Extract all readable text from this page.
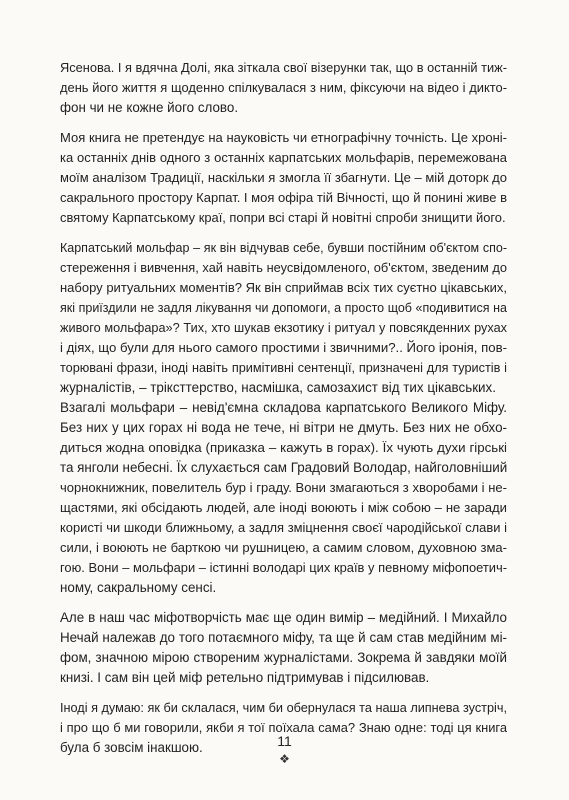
Ясенова. І я вдячна Долі, яка зіткала свої візерунки так, що в останній тиж-
день його життя я щоденно спілкувалася з ним, фіксуючи на відео і дикто-
фон чи не кожне його слово.

Моя книга не претендує на науковість чи етнографічну точність. Це хроні-
ка останніх днів одного з останніх карпатських мольфарів, перемежована
моїм аналізом Традиції, наскільки я змогла її збагнути. Це – мій доторк до
сакрального простору Карпат. І моя офіра тій Вічності, що й понині живе в
святому Карпатському краї, попри всі старі й новітні спроби знищити його.

Карпатський мольфар – як він відчував себе, бувши постійним об'єктом спо-
стереження і вивчення, хай навіть неусвідомленого, об'єктом, зведеним до
набору ритуальних моментів? Як він сприймав всіх тих суєтно цікавських,
які приїздили не задля лікування чи допомоги, а просто щоб «подивитися на
живого мольфара»? Тих, хто шукав екзотику і ритуал у повсякденних рухах
і діях, що були для нього самого простими і звичними?.. Його іронія, пов-
торювані фрази, іноді навіть примітивні сентенції, призначені для туристів і
журналістів, – тріксттерство, насмішка, самозахист від тих цікавських.
Взагалі мольфари – невід'ємна складова карпатського Великого Міфу.
Без них у цих горах ні вода не тече, ні вітри не дмуть. Без них не обхо-
диться жодна оповідка (приказка – кажуть в горах). Їх чують духи гірські
та янголи небесні. Їх слухається сам Градовий Володар, найголовніший
чорнокнижник, повелитель бур і граду. Вони змагаються з хворобами і не-
щастями, які обсідають людей, але іноді воюють і між собою – не заради
користі чи шкоди ближньому, а задля зміцнення своєї чародійської слави і
сили, і воюють не барткою чи рушницею, а самим словом, духовною зма-
гою. Вони – мольфари – істинні володарі цих країв у певному міфопоетич-
ному, сакральному сенсі.

Але в наш час міфотворчість має ще один вимір – медійний. І Михайло
Нечай належав до того потаємного міфу, та ще й сам став медійним мі-
фом, значною мірою створеним журналістами. Зокрема й завдяки моїй
книзі. І сам він цей міф ретельно підтримував і підсилював.

Іноді я думаю: як би склалася, чим би обернулася та наша липнева зустріч,
і про що б ми говорили, якби я тої поїхала сама? Знаю одне: тоді ця книга
була б зовсім інакшою.	11
❖
